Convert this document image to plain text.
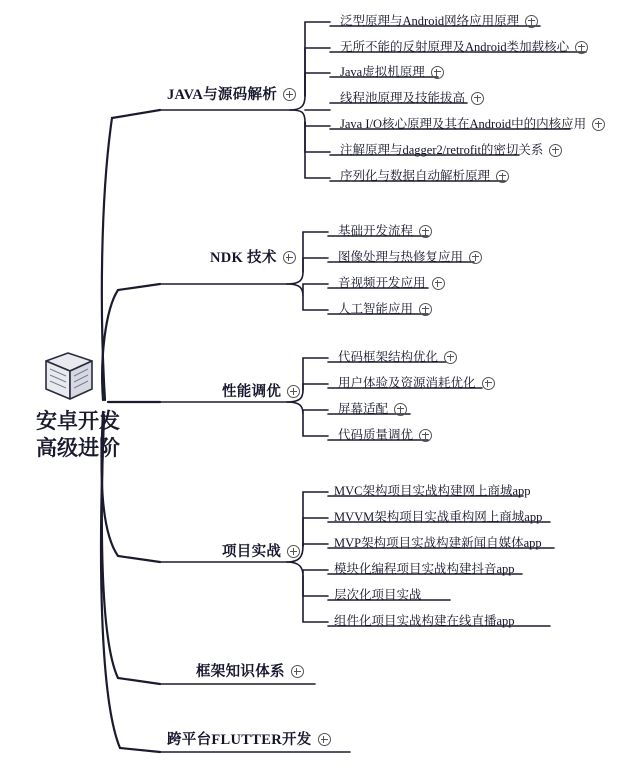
安卓开发
高级进阶
JAVA与源码解析
泛型原理与Android网络应用原理
无所不能的反射原理及Android类加载核心
Java虚拟机原理
线程池原理及技能拔高
Java I/O核心原理及其在Android中的内核应用
注解原理与dagger2/retrofit的密切关系
序列化与数据自动解析原理
NDK 技术
基础开发流程
图像处理与热修复应用
音视频开发应用
人工智能应用
性能调优
代码框架结构优化
用户体验及资源消耗优化
屏幕适配
代码质量调优
项目实战
MVC架构项目实战构建网上商城app
MVVM架构项目实战重构网上商城app
MVP架构项目实战构建新闻自媒体app
模块化编程项目实战构建抖音app
层次化项目实战
组件化项目实战构建在线直播app
框架知识体系
跨平台FLUTTER开发
